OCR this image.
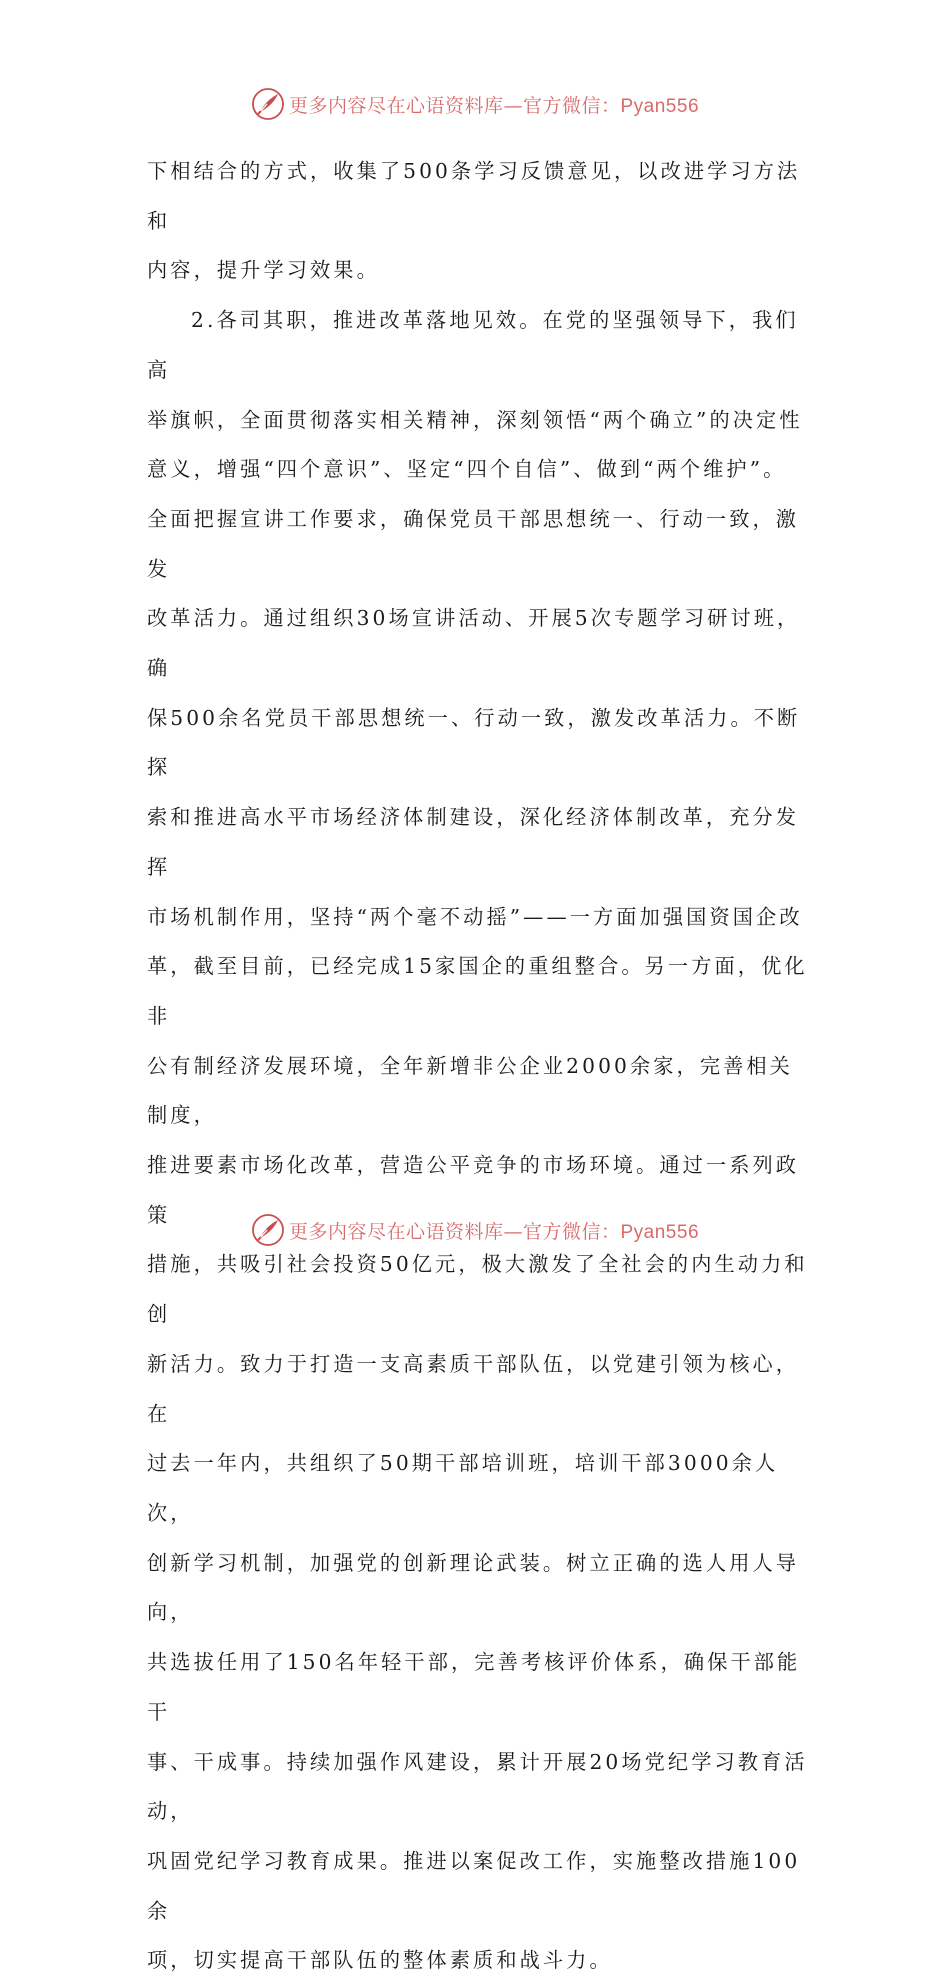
更多内容尽在心语资料库—官方微信：Pyan556

下相结合的方式，收集了500条学习反馈意见，以改进学习方法和

内容，提升学习效果。

2.各司其职，推进改革落地见效。在党的坚强领导下，我们高

举旗帜，全面贯彻落实相关精神，深刻领悟“两个确立”的决定性

意义，增强“四个意识”、坚定“四个自信”、做到“两个维护”。

全面把握宣讲工作要求，确保党员干部思想统一、行动一致，激发

改革活力。通过组织30场宣讲活动、开展5次专题学习研讨班，确

保500余名党员干部思想统一、行动一致，激发改革活力。不断探

索和推进高水平市场经济体制建设，深化经济体制改革，充分发挥

市场机制作用，坚持“两个毫不动摇”——一方面加强国资国企改

革，截至目前，已经完成15家国企的重组整合。另一方面，优化非

公有制经济发展环境，全年新增非公企业2000余家，完善相关制度，

推进要素市场化改革，营造公平竞争的市场环境。通过一系列政策

措施，共吸引社会投资50亿元，极大激发了全社会的内生动力和创

新活力。致力于打造一支高素质干部队伍，以党建引领为核心，在

过去一年内，共组织了50期干部培训班，培训干部3000余人次，

创新学习机制，加强党的创新理论武装。树立正确的选人用人导向，

共选拔任用了150名年轻干部，完善考核评价体系，确保干部能干

事、干成事。持续加强作风建设，累计开展20场党纪学习教育活动，

巩固党纪学习教育成果。推进以案促改工作，实施整改措施100余

项，切实提高干部队伍的整体素质和战斗力。

更多内容尽在心语资料库—官方微信：Pyan556
